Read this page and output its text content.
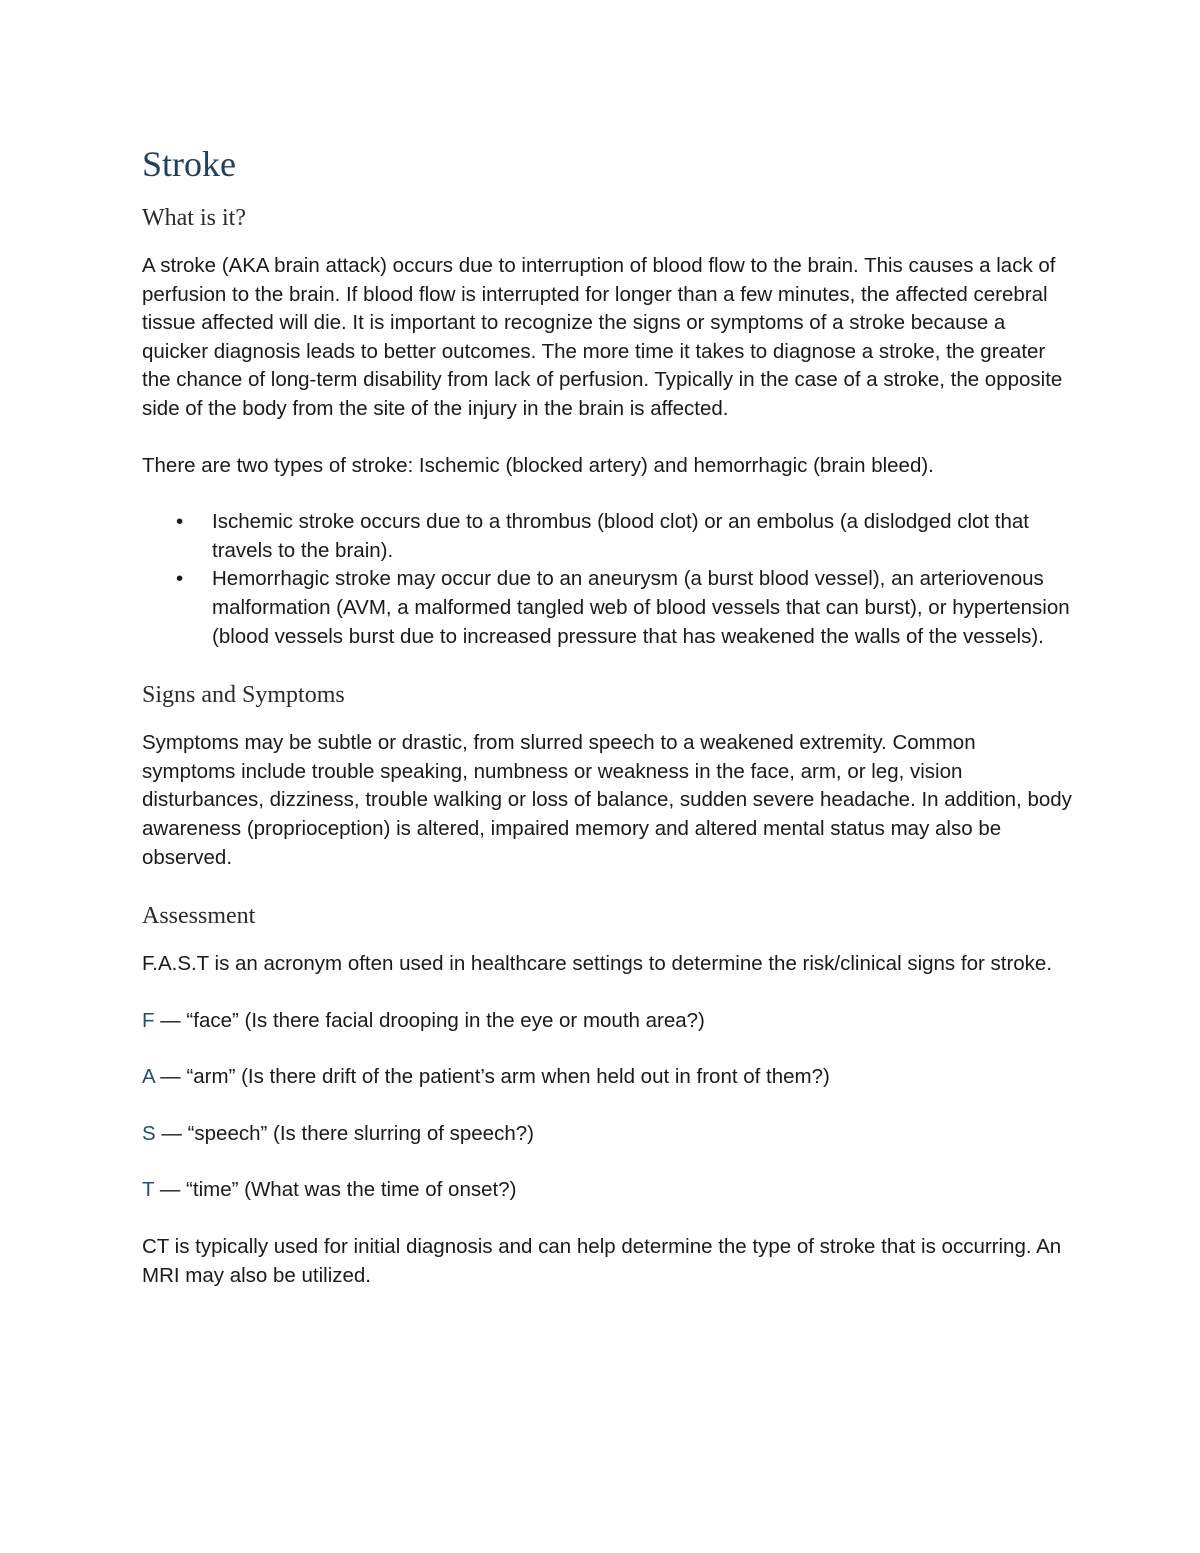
Stroke
What is it?

A stroke (AKA brain attack) occurs due to interruption of blood flow to the brain. This causes a lack of perfusion to the brain. If blood flow is interrupted for longer than a few minutes, the affected cerebral tissue affected will die. It is important to recognize the signs or symptoms of a stroke because a quicker diagnosis leads to better outcomes. The more time it takes to diagnose a stroke, the greater the chance of long-term disability from lack of perfusion. Typically in the case of a stroke, the opposite side of the body from the site of the injury in the brain is affected.

There are two types of stroke: Ischemic (blocked artery) and hemorrhagic (brain bleed).

• Ischemic stroke occurs due to a thrombus (blood clot) or an embolus (a dislodged clot that travels to the brain).
• Hemorrhagic stroke may occur due to an aneurysm (a burst blood vessel), an arteriovenous malformation (AVM, a malformed tangled web of blood vessels that can burst), or hypertension (blood vessels burst due to increased pressure that has weakened the walls of the vessels).
Signs and Symptoms

Symptoms may be subtle or drastic, from slurred speech to a weakened extremity. Common symptoms include trouble speaking, numbness or weakness in the face, arm, or leg, vision disturbances, dizziness, trouble walking or loss of balance, sudden severe headache. In addition, body awareness (proprioception) is altered, impaired memory and altered mental status may also be observed.

Assessment

F.A.S.T is an acronym often used in healthcare settings to determine the risk/clinical signs for stroke.

F — “face” (Is there facial drooping in the eye or mouth area?)
A — “arm” (Is there drift of the patient’s arm when held out in front of them?)
S — “speech” (Is there slurring of speech?)
T — “time” (What was the time of onset?)

CT is typically used for initial diagnosis and can help determine the type of stroke that is occurring. An MRI may also be utilized.
